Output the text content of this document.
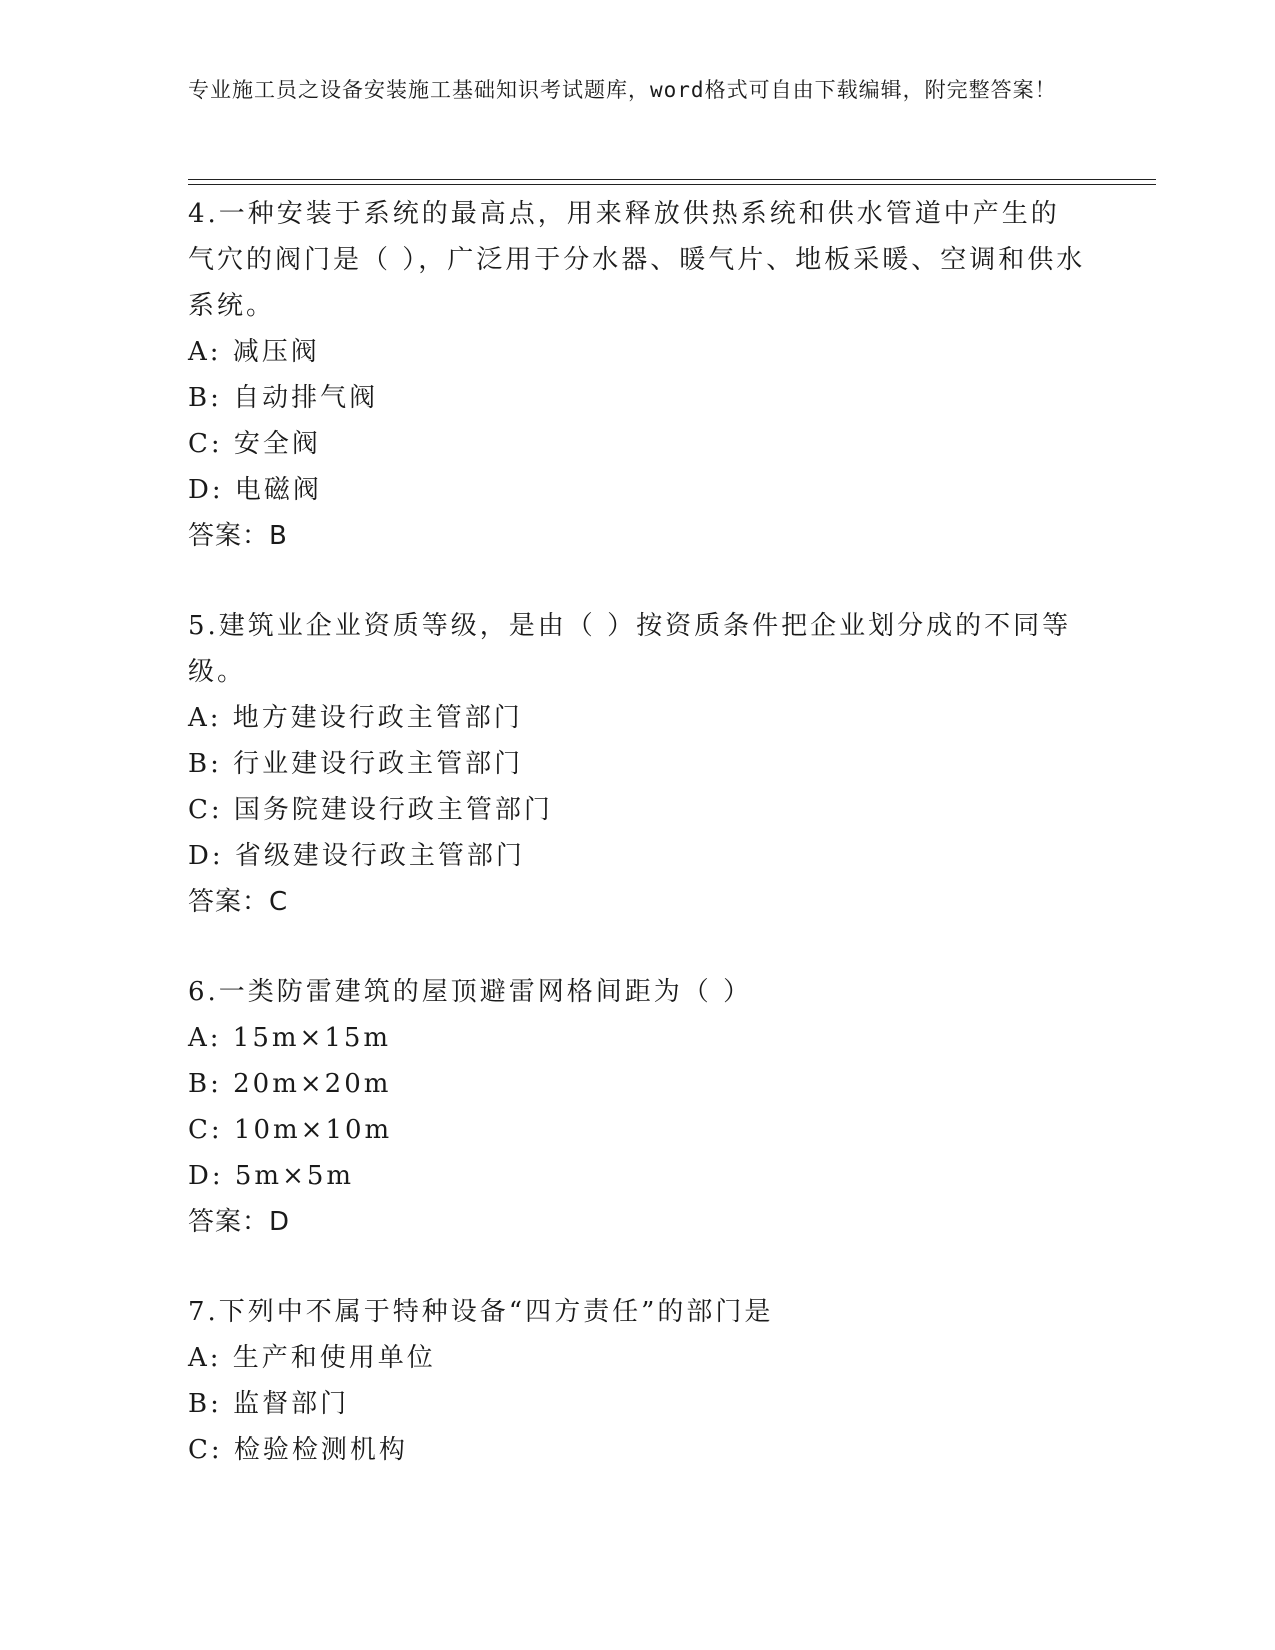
专业施工员之设备安装施工基础知识考试题库，word格式可自由下载编辑，附完整答案！

4.一种安装于系统的最高点，用来释放供热系统和供水管道中产生的气穴的阀门是（ ），广泛用于分水器、暖气片、地板采暖、空调和供水系统。

A: 减压阀

B: 自动排气阀

C: 安全阀

D: 电磁阀

答案：B

5.建筑业企业资质等级，是由（ ）按资质条件把企业划分成的不同等级。

A: 地方建设行政主管部门

B: 行业建设行政主管部门

C: 国务院建设行政主管部门

D: 省级建设行政主管部门

答案：C

6.一类防雷建筑的屋顶避雷网格间距为（ ）

A: 15m×15m

B: 20m×20m

C: 10m×10m

D: 5m×5m

答案：D

7.下列中不属于特种设备“四方责任”的部门是

A: 生产和使用单位

B: 监督部门

C: 检验检测机构
